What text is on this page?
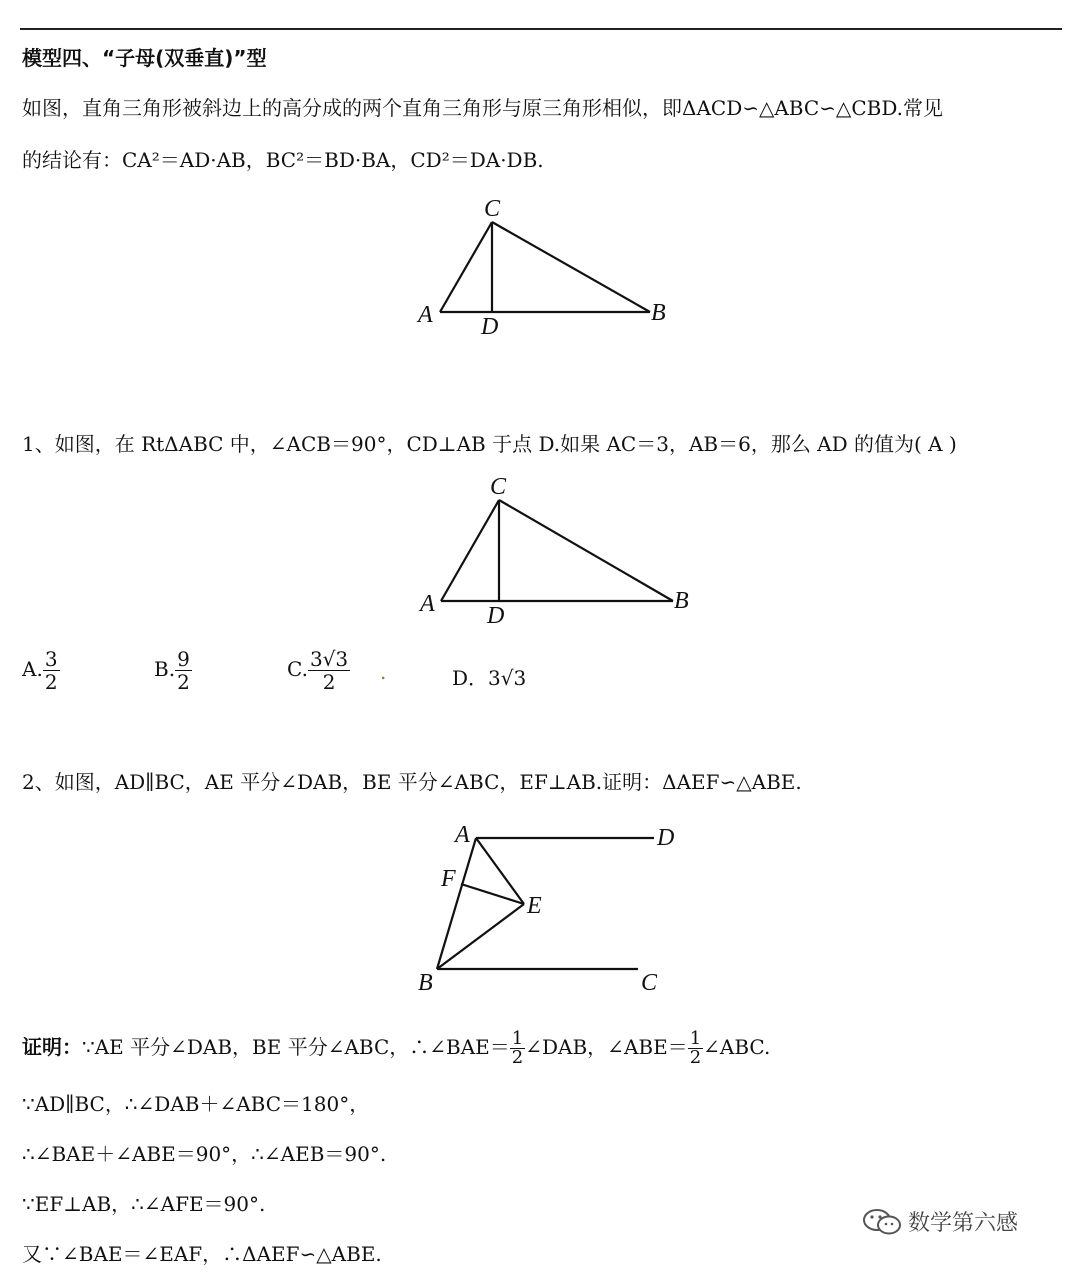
模型四、“子母(双垂直)”型
如图，直角三角形被斜边上的高分成的两个直角三角形与原三角形相似，即ΔACD∽△ABC∽△CBD.常见
的结论有：CA²＝AD·AB，BC²＝BD·BA，CD²＝DA·DB.
C
A D
B
C
A D
B
A	D
F
E
B	C
1、如图，在 RtΔABC 中，∠ACB＝90°，CD⊥AB 于点 D.如果 AC＝3，AB＝6，那么 AD 的值为( A )
A. $\frac{3}{2}$	B. $\frac{9}{2}$	C. $\frac{3√3}{2}$ .	D．3√3
2、如图，AD∥BC，AE 平分∠DAB，BE 平分∠ABC，EF⊥AB.证明：ΔAEF∽△ABE.
证明：∵AE 平分∠DAB，BE 平分∠ABC，∴∠BAE＝ $\frac{1}{2}$ ∠DAB，∠ABE＝ $\frac{1}{2}$ ∠ABC.
∵AD∥BC，∴∠DAB＋∠ABC＝180°，
∴∠BAE＋∠ABE＝90°，∴∠AEB＝90°.
∵EF⊥AB，∴∠AFE＝90°.
又∵∠BAE＝∠EAF，∴ΔAEF∽△ABE.
数学第六感
